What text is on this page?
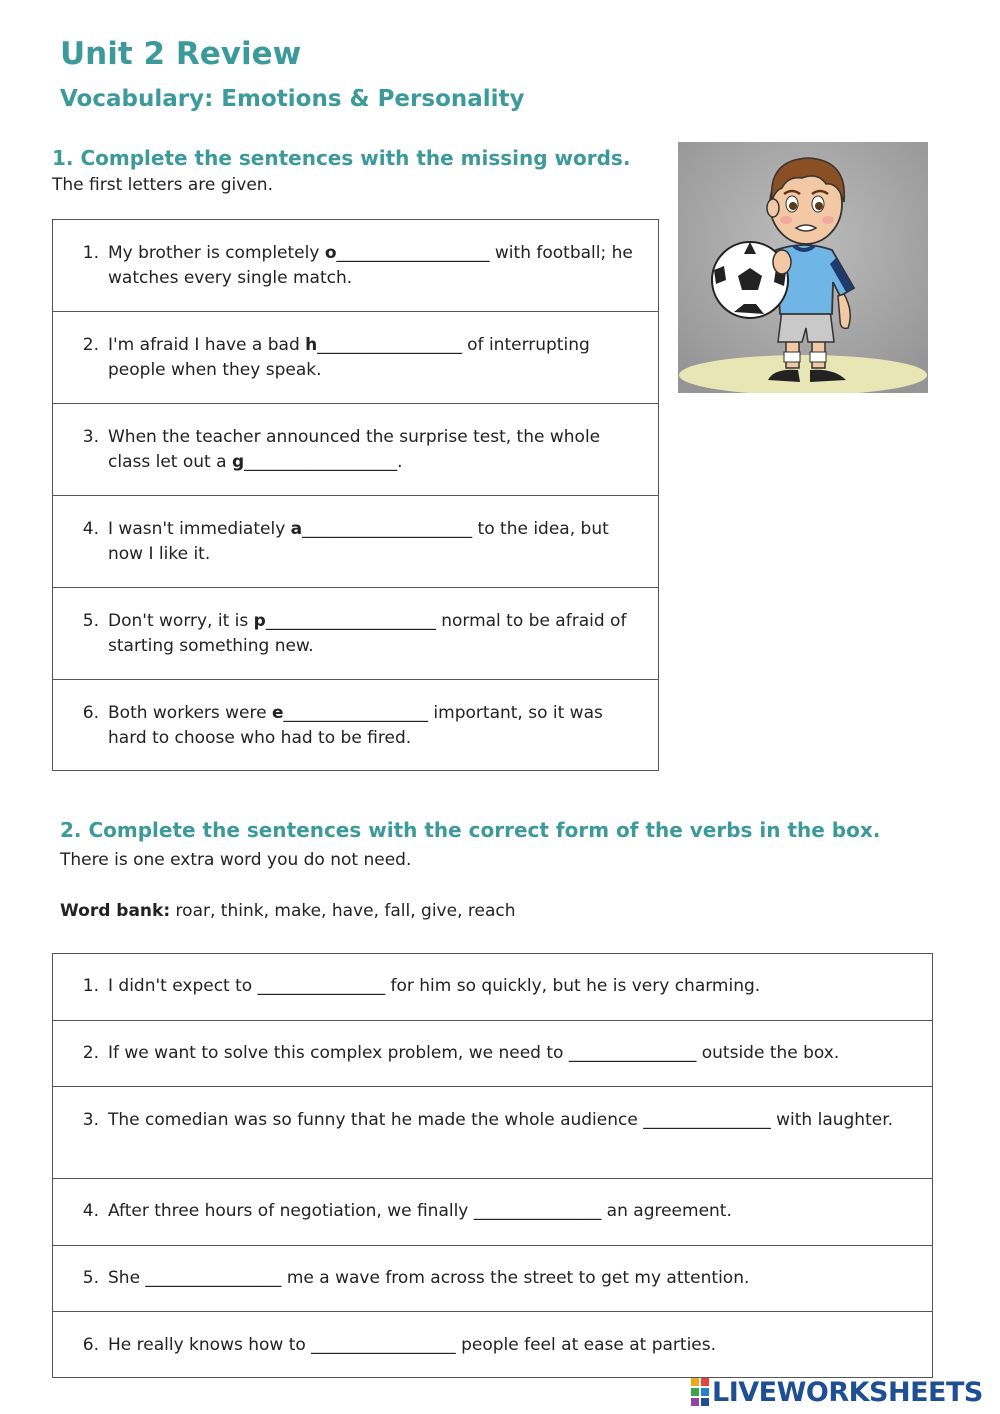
Unit 2 Review
Vocabulary: Emotions & Personality
1. Complete the sentences with the missing words.

The first letters are given.

1. My brother is completely o__________________ with football; he watches every single match.
2. I'm afraid I have a bad h_________________ of interrupting people when they speak.
3. When the teacher announced the surprise test, the whole class let out a g__________________.
4. I wasn't immediately a____________________ to the idea, but now I like it.
5. Don't worry, it is p____________________ normal to be afraid of starting something new.
6. Both workers were e_________________ important, so it was hard to choose who had to be fired.
2. Complete the sentences with the correct form of the verbs in the box.

There is one extra word you do not need.

Word bank: roar, think, make, have, fall, give, reach

1. I didn't expect to _______________ for him so quickly, but he is very charming.
2. If we want to solve this complex problem, we need to _______________ outside the box.
3. The comedian was so funny that he made the whole audience _______________ with laughter.
4. After three hours of negotiation, we finally _______________ an agreement.
5. She ________________ me a wave from across the street to get my attention.
6. He really knows how to _________________ people feel at ease at parties.
LIVEWORKSHEETS
